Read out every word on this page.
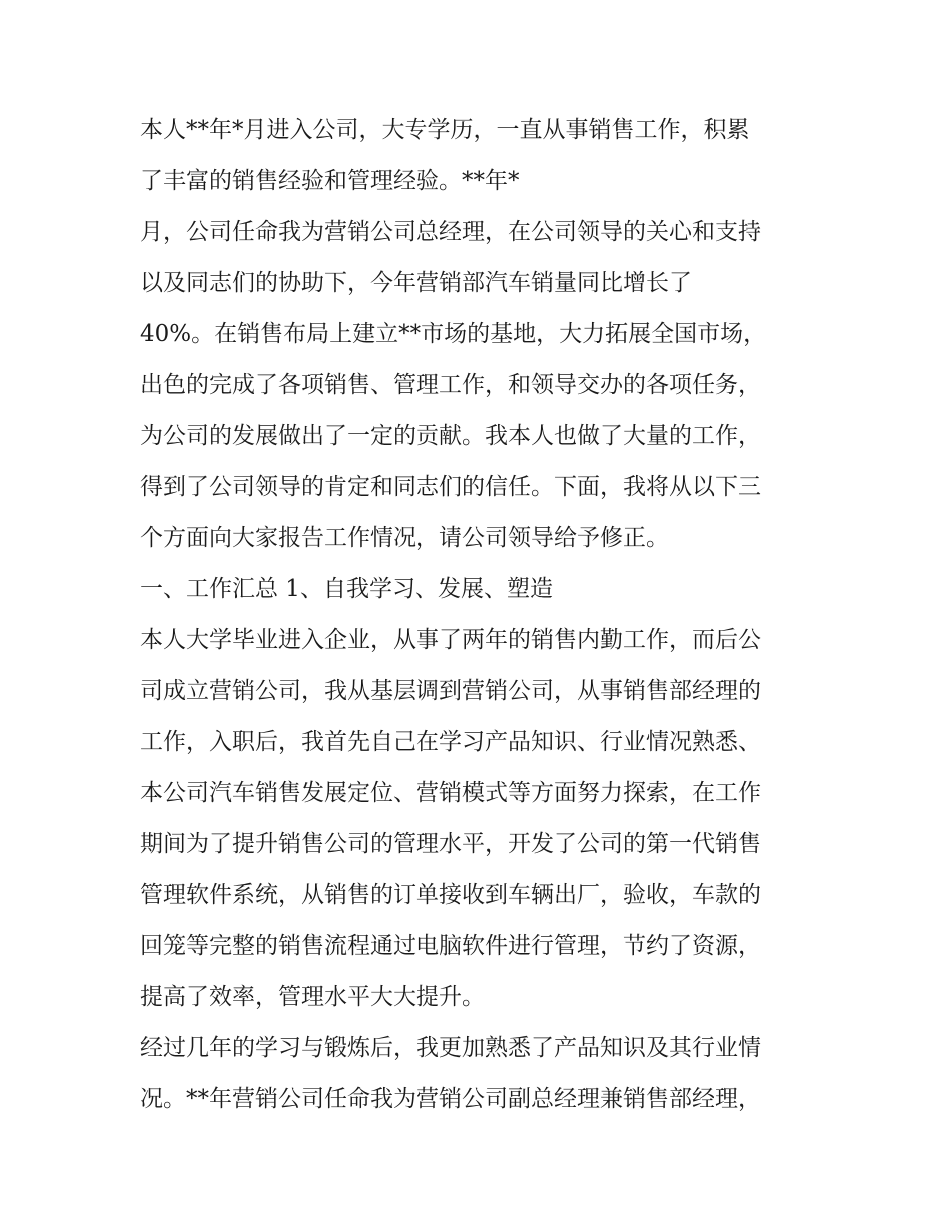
本人**年*月进入公司，大专学历，一直从事销售工作，积累
了丰富的销售经验和管理经验。**年*
月，公司任命我为营销公司总经理，在公司领导的关心和支持
以及同志们的协助下，今年营销部汽车销量同比增长了
40%。在销售布局上建立**市场的基地，大力拓展全国市场，
出色的完成了各项销售、管理工作，和领导交办的各项任务，
为公司的发展做出了一定的贡献。我本人也做了大量的工作，
得到了公司领导的肯定和同志们的信任。下面，我将从以下三
个方面向大家报告工作情况，请公司领导给予修正。
一、工作汇总 1、自我学习、发展、塑造
本人大学毕业进入企业，从事了两年的销售内勤工作，而后公
司成立营销公司，我从基层调到营销公司，从事销售部经理的
工作，入职后，我首先自己在学习产品知识、行业情况熟悉、
本公司汽车销售发展定位、营销模式等方面努力探索，在工作
期间为了提升销售公司的管理水平，开发了公司的第一代销售
管理软件系统，从销售的订单接收到车辆出厂，验收，车款的
回笼等完整的销售流程通过电脑软件进行管理，节约了资源，
提高了效率，管理水平大大提升。
经过几年的学习与锻炼后，我更加熟悉了产品知识及其行业情
况。**年营销公司任命我为营销公司副总经理兼销售部经理，
